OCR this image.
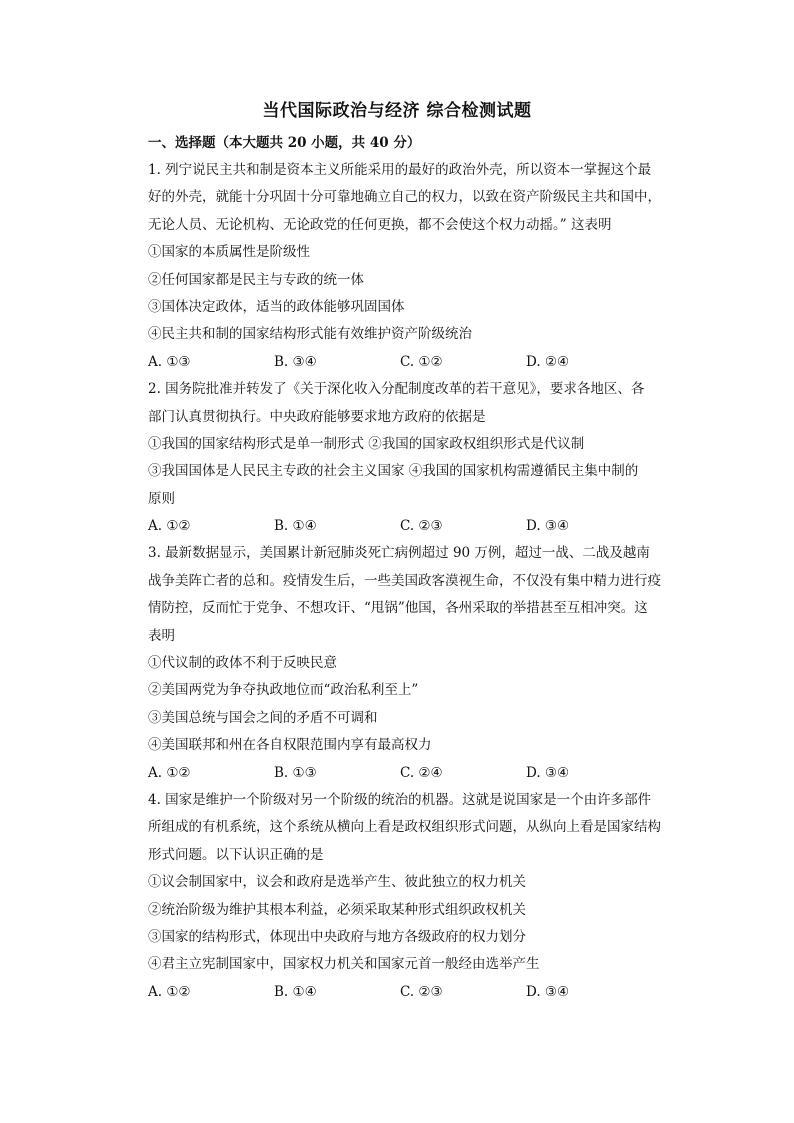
当代国际政治与经济 综合检测试题
一、选择题（本大题共 20 小题，共 40 分）
1. 列宁说民主共和制是资本主义所能采用的最好的政治外壳，所以资本一掌握这个最
好的外壳，就能十分巩固十分可靠地确立自己的权力，以致在资产阶级民主共和国中，
无论人员、无论机构、无论政党的任何更换，都不会使这个权力动摇。” 这表明
①国家的本质属性是阶级性
②任何国家都是民主与专政的统一体
③国体决定政体，适当的政体能够巩固国体
④民主共和制的国家结构形式能有效维护资产阶级统治
A. ①③	B. ③④	C. ①②	D. ②④
2. 国务院批准并转发了《关于深化收入分配制度改革的若干意见》，要求各地区、各
部门认真贯彻执行。中央政府能够要求地方政府的依据是
①我国的国家结构形式是单一制形式 ②我国的国家政权组织形式是代议制
③我国国体是人民民主专政的社会主义国家 ④我国的国家机构需遵循民主集中制的
原则
A. ①②	B. ①④	C. ②③	D. ③④
3. 最新数据显示，美国累计新冠肺炎死亡病例超过 90 万例，超过一战、二战及越南
战争美阵亡者的总和。疫情发生后，一些美国政客漠视生命，不仅没有集中精力进行疫
情防控，反而忙于党争、不想攻讦、“甩锅”他国，各州采取的举措甚至互相冲突。这
表明
①代议制的政体不利于反映民意
②美国两党为争夺执政地位而“政治私利至上”
③美国总统与国会之间的矛盾不可调和
④美国联邦和州在各自权限范围内享有最高权力
A. ①②	B. ①③	C. ②④	D. ③④
4. 国家是维护一个阶级对另一个阶级的统治的机器。这就是说国家是一个由许多部件
所组成的有机系统，这个系统从横向上看是政权组织形式问题，从纵向上看是国家结构
形式问题。以下认识正确的是
①议会制国家中，议会和政府是选举产生、彼此独立的权力机关
②统治阶级为维护其根本利益，必须采取某种形式组织政权机关
③国家的结构形式，体现出中央政府与地方各级政府的权力划分
④君主立宪制国家中，国家权力机关和国家元首一般经由选举产生
A. ①②	B. ①④	C. ②③	D. ③④
